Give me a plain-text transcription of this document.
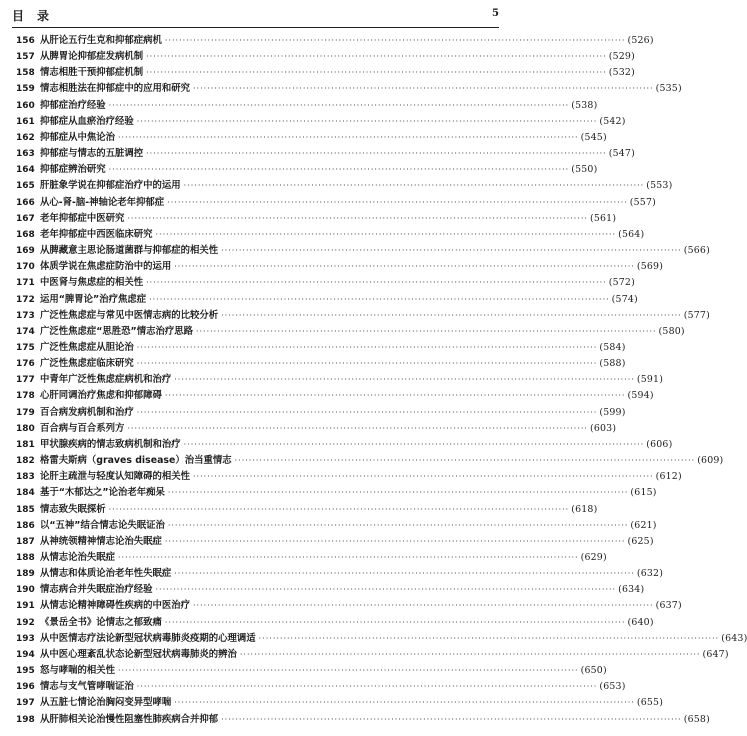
目录	5
156 从肝论五行生克和抑郁症病机 ·····	(526)
157 从脾胃论抑郁症发病机制 ·····	(529)
158 情志相胜干预抑郁症机制 ·····	(532)
159 情志相胜法在抑郁症中的应用和研究 ·····	(535)
160 抑郁症治疗经验 ·····	(538)
161 抑郁症从血瘀治疗经验 ·····	(542)
162 抑郁症从中焦论治 ·····	(545)
163 抑郁症与情志的五脏调控 ·····	(547)
164 抑郁症辨治研究 ·····	(550)
165 肝脏象学说在抑郁症治疗中的运用 ·····	(553)
166 从心-肾-脑-神轴论老年抑郁症 ·····	(557)
167 老年抑郁症中医研究 ·····	(561)
168 老年抑郁症中西医临床研究 ·····	(564)
169 从脾藏意主思论肠道菌群与抑郁症的相关性 ·····	(566)
170 体质学说在焦虑症防治中的运用 ·····	(569)
171 中医肾与焦虑症的相关性 ·····	(572)
172 运用“脾胃论”治疗焦虑症 ·····	(574)
173 广泛性焦虑症与常见中医情志病的比较分析 ·····	(577)
174 广泛性焦虑症“思胜恐”情志治疗思路 ·····	(580)
175 广泛性焦虑症从胆论治 ·····	(584)
176 广泛性焦虑症临床研究 ·····	(588)
177 中青年广泛性焦虑症病机和治疗 ·····	(591)
178 心肝同调治疗焦虑和抑郁障碍 ·····	(594)
179 百合病发病机制和治疗 ·····	(599)
180 百合病与百合系列方 ·····	(603)
181 甲状腺疾病的情志致病机制和治疗 ·····	(606)
182 格雷夫斯病（graves disease）治当重情志 ·····	(609)
183 论肝主疏泄与轻度认知障碍的相关性 ·····	(612)
184 基于“木郁达之”论治老年痴呆 ·····	(615)
185 情志致失眠探析 ·····	(618)
186 以“五神”结合情志论失眠证治 ·····	(621)
187 从神统领精神情志论治失眠症 ·····	(625)
188 从情志论治失眠症 ·····	(629)
189 从情志和体质论治老年性失眠症 ·····	(632)
190 情志病合并失眠症治疗经验 ·····	(634)
191 从情志论精神障碍性疾病的中医治疗 ·····	(637)
192 《景岳全书》论情志之郁致痛 ·····	(640)
193 从中医情志疗法论新型冠状病毒肺炎疫期的心理调适 ·····	(643)
194 从中医心理紊乱状态论新型冠状病毒肺炎的辨治 ·····	(647)
195 怒与哮喘的相关性 ·····	(650)
196 情志与支气管哮喘证治 ·····	(653)
197 从五脏七情论治胸闷变异型哮喘 ·····	(655)
198 从肝肺相关论治慢性阻塞性肺疾病合并抑郁 ·····	(658)
